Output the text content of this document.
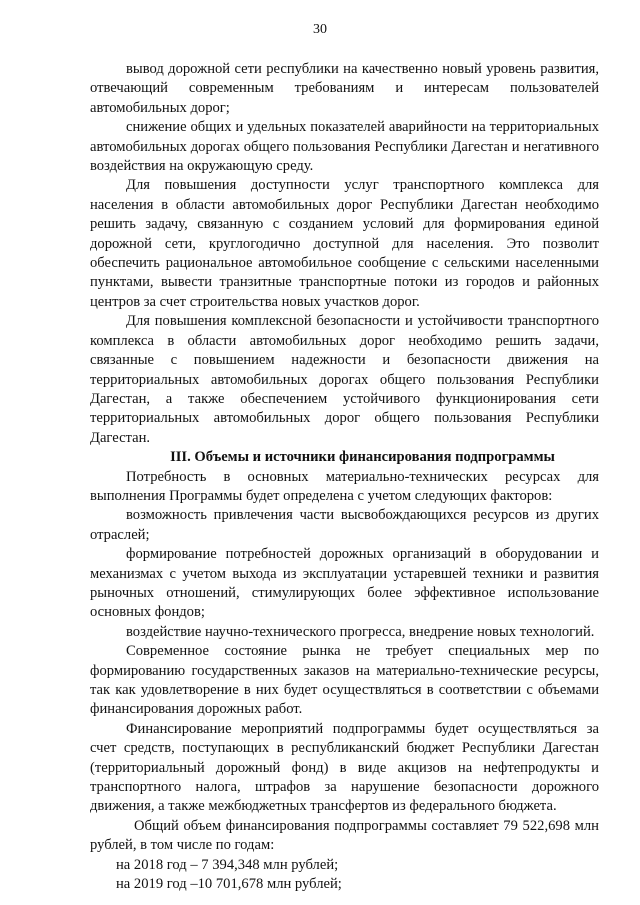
30

вывод дорожной сети республики на качественно новый уровень развития, отвечающий современным требованиям и интересам пользователей автомобильных дорог;

снижение общих и удельных показателей аварийности на территориальных автомобильных дорогах общего пользования Республики Дагестан и негативного воздействия на окружающую среду.

Для повышения доступности услуг транспортного комплекса для населения в области автомобильных дорог Республики Дагестан необходимо решить задачу, связанную с созданием условий для формирования единой дорожной сети, круглогодично доступной для населения. Это позволит обеспечить рациональное автомобильное сообщение с сельскими населенными пунктами, вывести транзитные транспортные потоки из городов и районных центров за счет строительства новых участков дорог.

Для повышения комплексной безопасности и устойчивости транспортного комплекса в области автомобильных дорог необходимо решить задачи, связанные с повышением надежности и безопасности движения на территориальных автомобильных дорогах общего пользования Республики Дагестан, а также обеспечением устойчивого функционирования сети территориальных автомобильных дорог общего пользования Республики Дагестан.

III. Объемы и источники финансирования подпрограммы

Потребность в основных материально-технических ресурсах для выполнения Программы будет определена с учетом следующих факторов:

возможность привлечения части высвобождающихся ресурсов из других отраслей;

формирование потребностей дорожных организаций в оборудовании и механизмах с учетом выхода из эксплуатации устаревшей техники и развития рыночных отношений, стимулирующих более эффективное использование основных фондов;

воздействие научно-технического прогресса, внедрение новых технологий.

Современное состояние рынка не требует специальных мер по формированию государственных заказов на материально-технические ресурсы, так как удовлетворение в них будет осуществляться в соответствии с объемами финансирования дорожных работ.

Финансирование мероприятий подпрограммы будет осуществляться за счет средств, поступающих в республиканский бюджет Республики Дагестан (территориальный дорожный фонд) в виде акцизов на нефтепродукты и транспортного налога, штрафов за нарушение безопасности дорожного движения, а также межбюджетных трансфертов из федерального бюджета.

Общий объем финансирования подпрограммы составляет 79 522,698 млн рублей, в том числе по годам:

на 2018 год – 7 394,348 млн рублей;

на 2019 год –10 701,678 млн рублей;
